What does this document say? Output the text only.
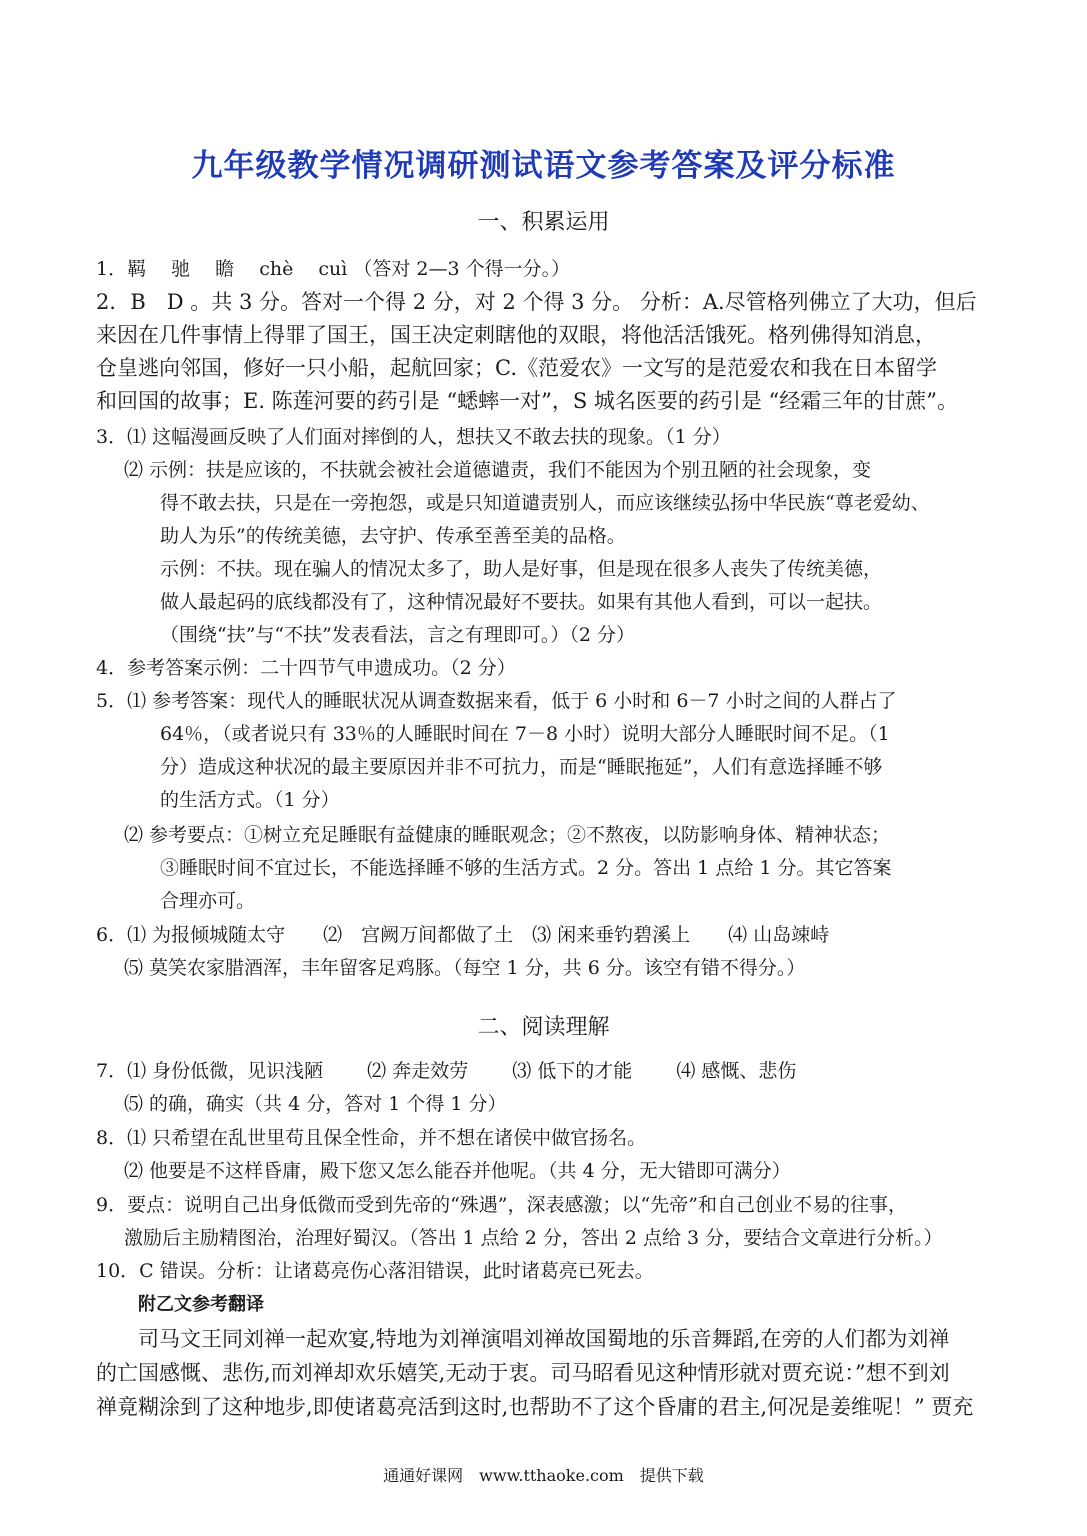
九年级教学情况调研测试语文参考答案及评分标准
一、积累运用
1．羁　 驰　 瞻　 chè　 cuì （答对 2—3 个得一分。）
2．B　D 。共 3 分。答对一个得 2 分，对 2 个得 3 分。 分析：A.尽管格列佛立了大功，但后
来因在几件事情上得罪了国王，国王决定刺瞎他的双眼，将他活活饿死。格列佛得知消息，
仓皇逃向邻国，修好一只小船，起航回家；C.《范爱农》一文写的是范爱农和我在日本留学
和回国的故事；E. 陈莲河要的药引是 “蟋蟀一对”，S 城名医要的药引是 “经霜三年的甘蔗”。
3．⑴ 这幅漫画反映了人们面对摔倒的人，想扶又不敢去扶的现象。（1 分）
⑵ 示例：扶是应该的，不扶就会被社会道德谴责，我们不能因为个别丑陋的社会现象，变
得不敢去扶，只是在一旁抱怨，或是只知道谴责别人，而应该继续弘扬中华民族“尊老爱幼、
助人为乐”的传统美德，去守护、传承至善至美的品格。
示例：不扶。现在骗人的情况太多了，助人是好事，但是现在很多人丧失了传统美德，
做人最起码的底线都没有了，这种情况最好不要扶。如果有其他人看到，可以一起扶。
（围绕“扶”与“不扶”发表看法，言之有理即可。）（2 分）
4．参考答案示例：二十四节气申遗成功。（2 分）
5．⑴ 参考答案：现代人的睡眠状况从调查数据来看，低于 6 小时和 6－7 小时之间的人群占了
64％，（或者说只有 33％的人睡眠时间在 7－8 小时）说明大部分人睡眠时间不足。（1
分）造成这种状况的最主要原因并非不可抗力，而是“睡眠拖延”，人们有意选择睡不够
的生活方式。（1 分）
⑵ 参考要点：①树立充足睡眠有益健康的睡眠观念；②不熬夜，以防影响身体、精神状态；
③睡眠时间不宜过长，不能选择睡不够的生活方式。2 分。答出 1 点给 1 分。其它答案
合理亦可。
6．⑴ 为报倾城随太守　　⑵　宫阙万间都做了土　⑶ 闲来垂钓碧溪上　　⑷ 山岛竦峙
⑸ 莫笑农家腊酒浑，丰年留客足鸡豚。（每空 1 分，共 6 分。该空有错不得分。）
二、阅读理解
7．⑴ 身份低微，见识浅陋　　 ⑵ 奔走效劳　　 ⑶ 低下的才能　　 ⑷ 感慨、悲伤
⑸ 的确，确实（共 4 分，答对 1 个得 1 分）
8．⑴ 只希望在乱世里苟且保全性命，并不想在诸侯中做官扬名。
⑵ 他要是不这样昏庸，殿下您又怎么能吞并他呢。（共 4 分，无大错即可满分）
9．要点：说明自己出身低微而受到先帝的“殊遇”，深表感激；以“先帝”和自己创业不易的往事，
激励后主励精图治，治理好蜀汉。（答出 1 点给 2 分，答出 2 点给 3 分，要结合文章进行分析。）
10．C 错误。分析：让诸葛亮伤心落泪错误，此时诸葛亮已死去。
附乙文参考翻译
司马文王同刘禅一起欢宴,特地为刘禅演唱刘禅故国蜀地的乐音舞蹈,在旁的人们都为刘禅
的亡国感慨、悲伤,而刘禅却欢乐嬉笑,无动于衷。司马昭看见这种情形就对贾充说：”想不到刘
禅竟糊涂到了这种地步,即使诸葛亮活到这时,也帮助不了这个昏庸的君主,何况是姜维呢！” 贾充
通通好课网　www.tthaoke.com　提供下载
